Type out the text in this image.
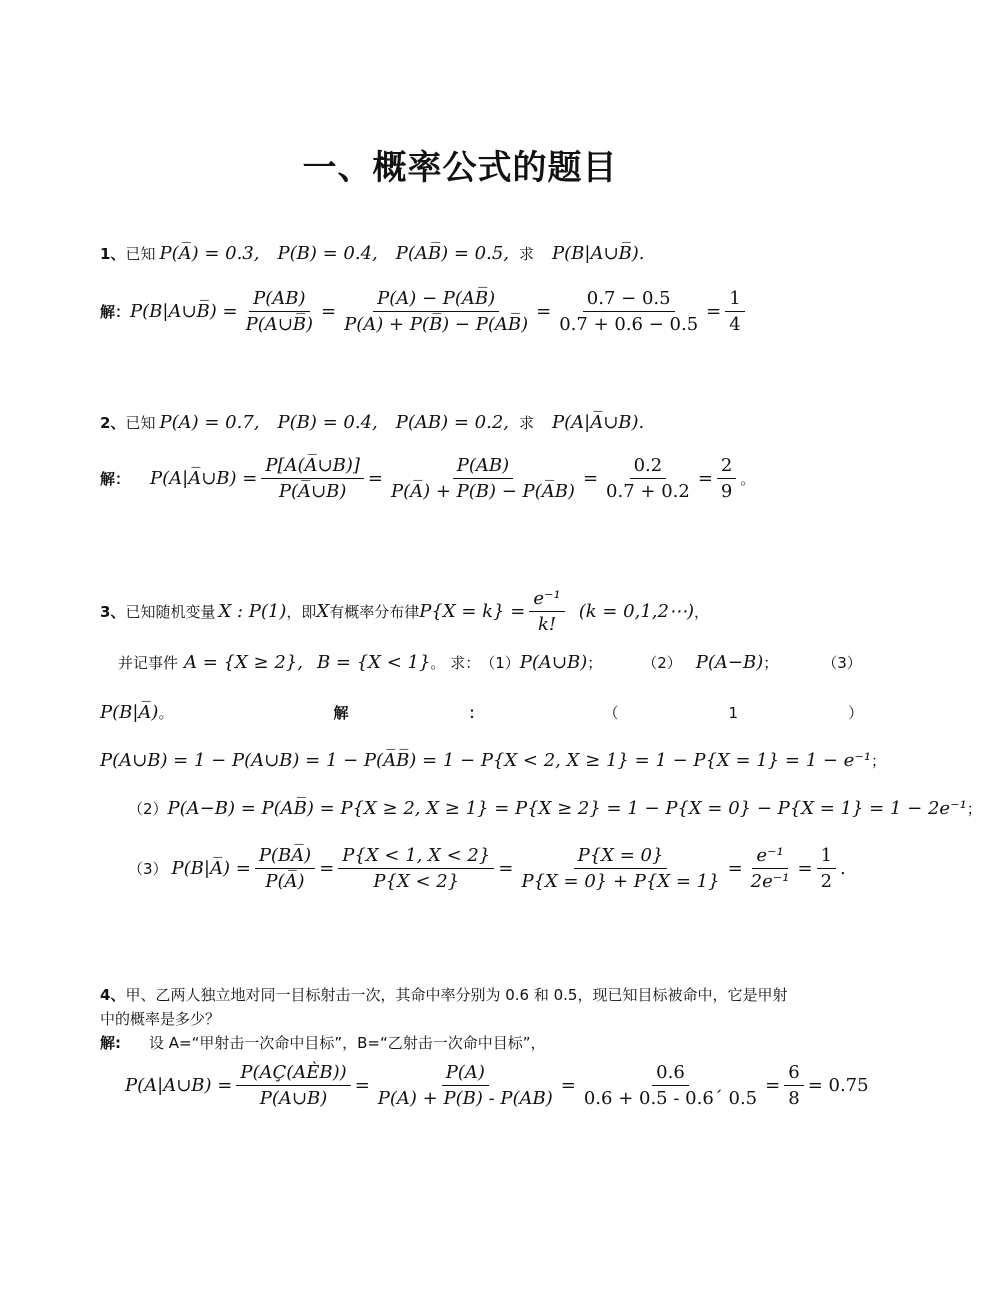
一、概率公式的题目
1、 已知 P(A̅) = 0.3, P(B) = 0.4, P(AB̅) = 0.5, 求 P(B|A∪B̅).
解： P(B|A∪B̅) = $\frac{P(AB)}{P(A\cup B̅)} = \frac{P(A) - P(AB̅)}{P(A) + P(B̅) - P(AB̅)} = \frac{0.7 - 0.5}{0.7 + 0.6 - 0.5} = \frac{1}{4}$
2、 已知 P(A) = 0.7, P(B) = 0.4, P(AB) = 0.2, 求 P(A|A̅∪B).
解： P(A|A̅∪B) = $\frac{P[A(A̅\cup B)]}{P(A̅\cup B)} = \frac{P(AB)}{P(A̅) + P(B) - P(A̅B)} = \frac{0.2}{0.7 + 0.2} = \frac{2}{9}$ 。
3、 已知随机变量 X : P(1) ，即 X 有概率分布律 $P\{X = k\} = \frac{\text{e⁻¹}}{k!} (k$ = 0,1,2⋯) ，
并记事件 A = {X ≥ 2}, B = {X < 1} 。 求： （1） P(A∪B) ；	（2） P(A−B) ；	（3）
P(B|A̅) 。	解	：	（	1	）
P(A∪B) = 1 − P(A∪B) = 1 − P(A̅B̅) = 1 − P{X < 2, X ≥ 1} = 1 − P{X = 1} = 1 − e⁻¹ ；
（2） P(A−B) = P(AB̅) = P{X ≥ 2, X ≥ 1} = P{X ≥ 2} = 1 − P{X = 0} − P{X = 1} = 1 − 2e⁻¹ ；
（3） P(B|A̅) = $\frac{P(BA̅)}{P(A̅)} = \frac{P\{X < 1, X < 2\}}{P\{X < 2\}} = \frac{P\{X = 0\}}{P\{X = 0\} + P\{X = 1\}} = \frac{\text{e⁻¹}}{\text{2e⁻¹}} = \frac{1}{2}$ .
4、 甲、乙两人独立地对同一目标射击一次，其命中率分别为 0.6 和 0.5，现已知目标被命中，它是甲射
中的概率是多少？
解: 设 A=“甲射击一次命中目标”，B=“乙射击一次命中目标”，
P(A|A∪B) = $\frac{\text{P(AÇ(AÈB))}}{P(A\cup B)} = \frac{P(A)}{P(A) + P(B) - P(AB)} = \frac{0.6}{0.6 + 0.5 - 0.6´ 0.5} = \frac{6}{8} = 0.75$
